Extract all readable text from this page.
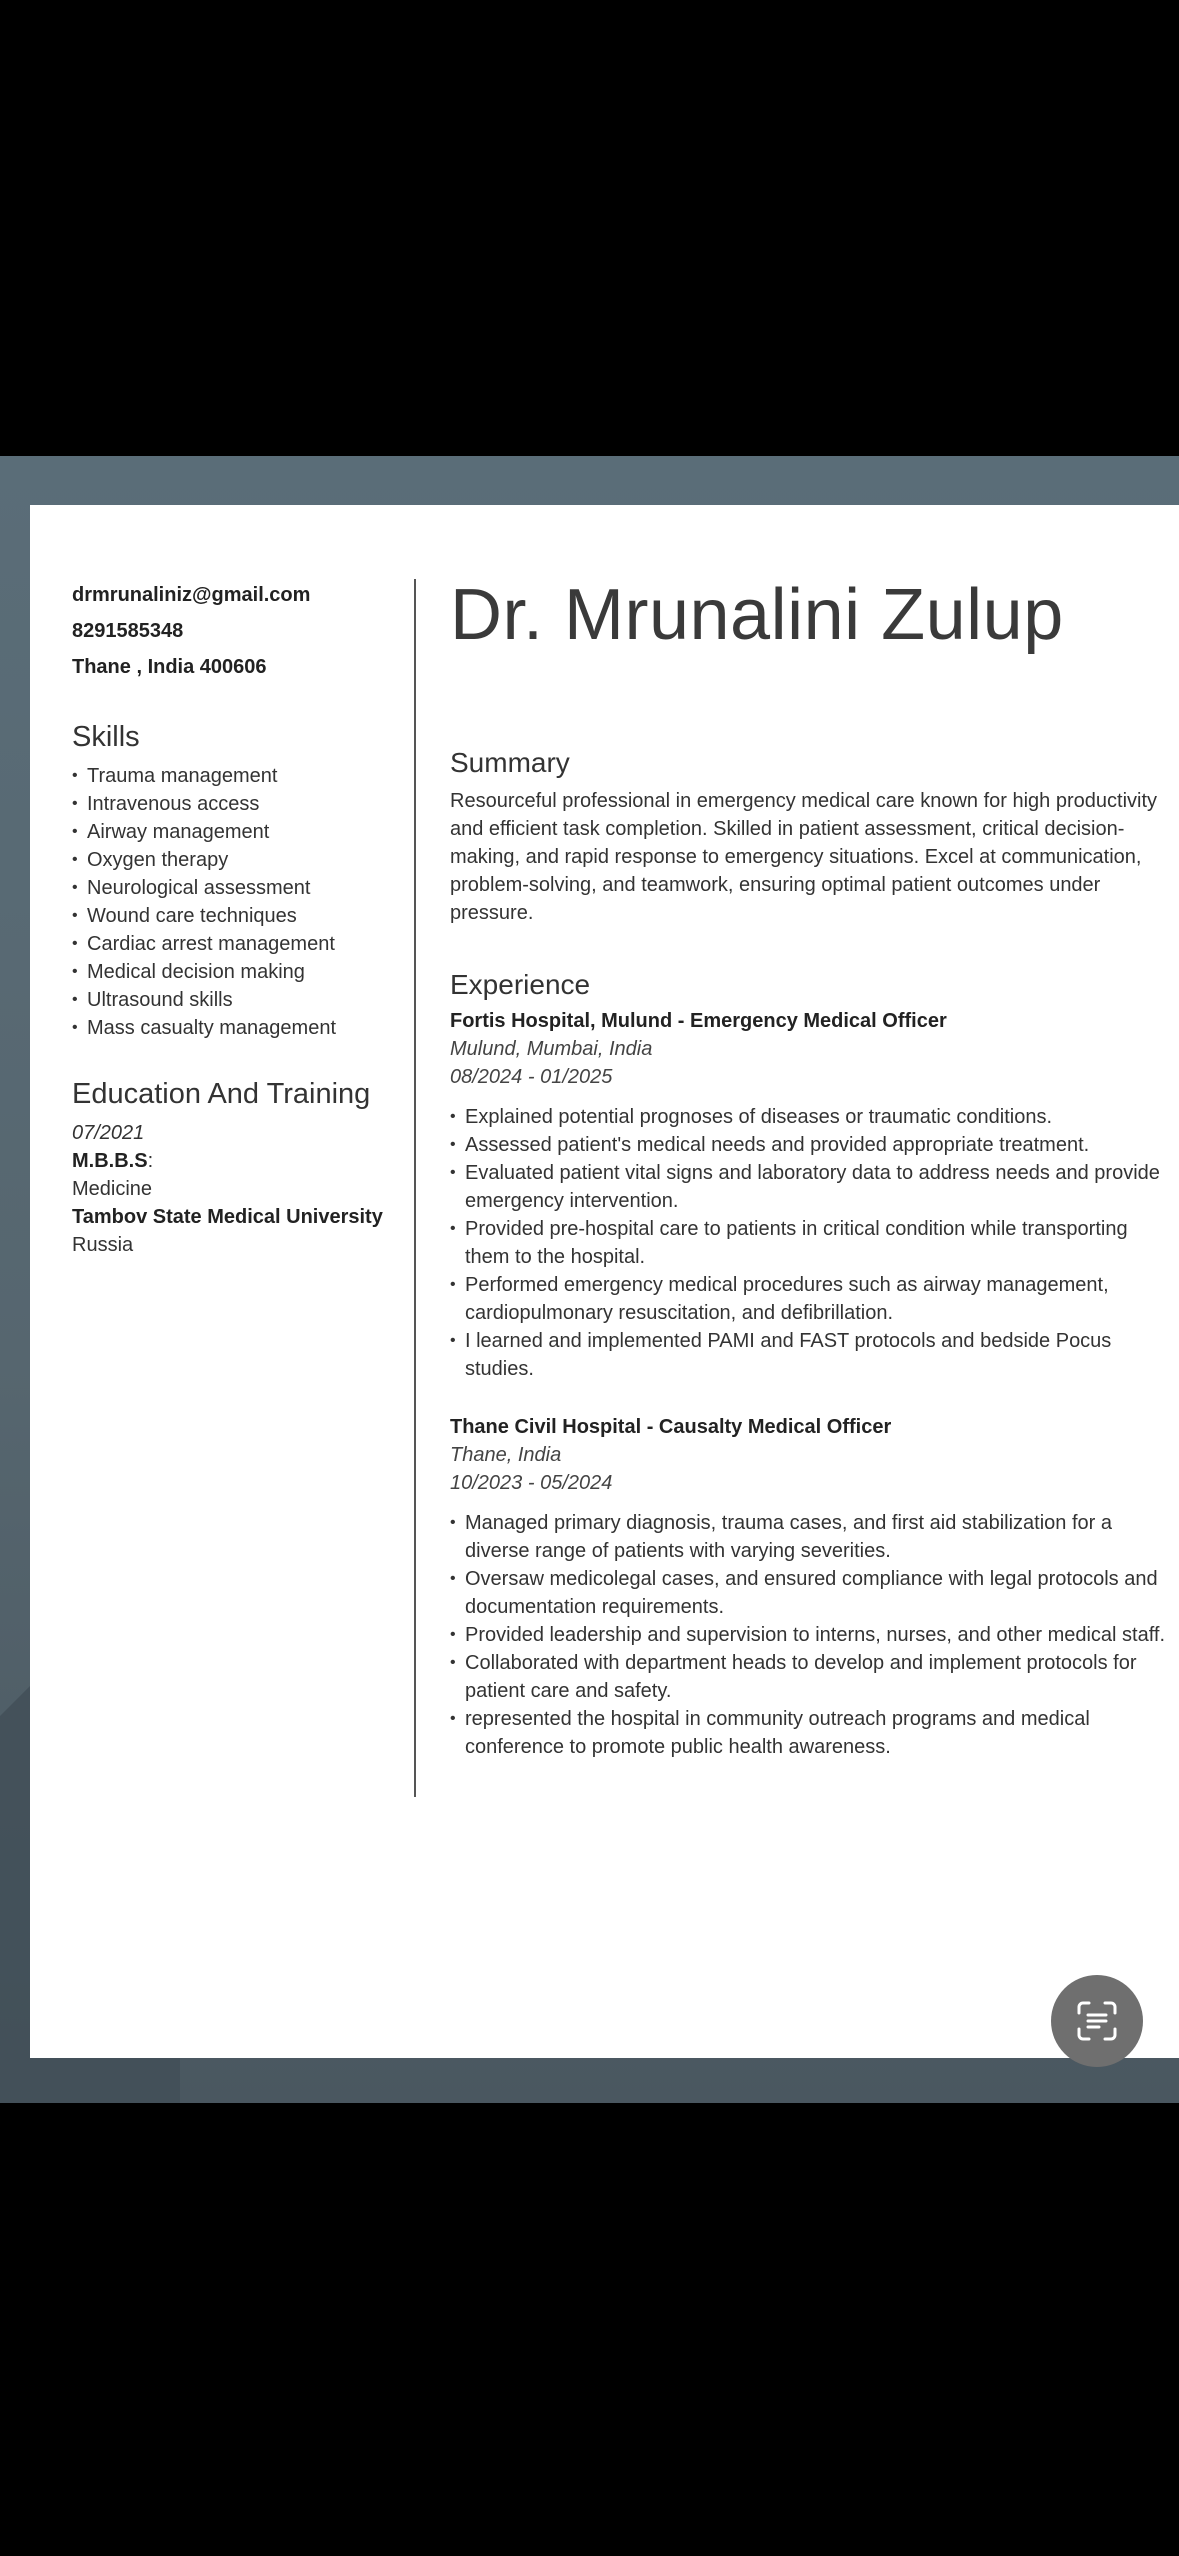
drmrunaliniz@gmail.com
8291585348
Thane , India 400606
Skills
• Trauma management
• Intravenous access
• Airway management
• Oxygen therapy
• Neurological assessment
• Wound care techniques
• Cardiac arrest management
• Medical decision making
• Ultrasound skills
• Mass casualty management
Education And Training
07/2021
M.B.B.S:
Medicine
Tambov State Medical University
Russia
Dr. Mrunalini Zulup
Summary

Resourceful professional in emergency medical care known for high productivity and efficient task completion. Skilled in patient assessment, critical decision-making, and rapid response to emergency situations. Excel at communication, problem-solving, and teamwork, ensuring optimal patient outcomes under pressure.

Experience
Fortis Hospital, Mulund - Emergency Medical Officer
Mulund, Mumbai, India
08/2024 - 01/2025
• Explained potential prognoses of diseases or traumatic conditions.
• Assessed patient's medical needs and provided appropriate treatment.
• Evaluated patient vital signs and laboratory data to address needs and provide emergency intervention.
• Provided pre-hospital care to patients in critical condition while transporting them to the hospital.
• Performed emergency medical procedures such as airway management, cardiopulmonary resuscitation, and defibrillation.
• I learned and implemented PAMI and FAST protocols and bedside Pocus studies.
Thane Civil Hospital - Causalty Medical Officer
Thane, India
10/2023 - 05/2024
• Managed primary diagnosis, trauma cases, and first aid stabilization for a diverse range of patients with varying severities.
• Oversaw medicolegal cases, and ensured compliance with legal protocols and documentation requirements.
• Provided leadership and supervision to interns, nurses, and other medical staff.
• Collaborated with department heads to develop and implement protocols for patient care and safety.
• represented the hospital in community outreach programs and medical conference to promote public health awareness.
